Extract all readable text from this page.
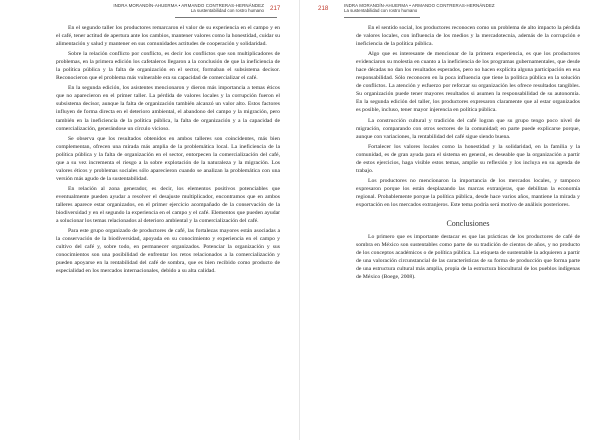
INDRA MORANDÍN-AHUERMA • ARMANDO CONTRERAS-HERNÁNDEZ
La sustentabilidad con rostro humano 217

En el segundo taller los productores remarcaron el valor de su experiencia en el campo y en el café, tener actitud de apertura ante los cambios, mantener valores como la honestidad, cuidar su alimentación y salud y mantener en sus comunidades actitudes de cooperación y solidaridad.

Sobre la relación conflicto por conflicto, es decir los conflictos que son multiplicadores de problemas, en la primera edición los cafetaleros llegaron a la conclusión de que la ineficiencia de la política pública y la falta de organización en el sector, formaban el subsistema decisor. Reconocieron que el problema más vulnerable era su capacidad de comercializar el café.

En la segunda edición, los asistentes mencionaron y dieron más importancia a temas éticos que no aparecieron en el primer taller. La pérdida de valores locales y la corrupción fueron el subsistema decisor, aunque la falta de organización también alcanzó un valor alto. Estos factores influyen de forma directa en el deterioro ambiental, el abandono del campo y la migración, pero también en la ineficiencia de la política pública, la falta de organización y a la capacidad de comercialización, generándose un círculo vicioso.

Se observa que los resultados obtenidos en ambos talleres son coincidentes, más bien complementan, ofrecen una mirada más amplia de la problemática local. La ineficiencia de la política pública y la falta de organización en el sector, entorpecen la comercialización del café, que a su vez incrementa el riesgo a la sobre explotación de la naturaleza y la migración. Los valores éticos y problemas sociales sólo aparecieron cuando se analizan la problemática con una versión más agudo de la sustentabilidad.

En relación al zona generador, es decir, los elementos positivos potenciables que eventualmente pueden ayudar a resolver el desajuste multiplicador, encontramos que en ambos talleres aparece estar organizados, en el primer ejercicio acompañado de la conservación de la biodiversidad y en el segundo la experiencia en el campo y el café. Elementos que pueden ayudar a solucionar los temas relacionados al deterioro ambiental y la comercialización del café.

Para este grupo organizado de productores de café, las fortalezas mayores están asociadas a la conservación de la biodiversidad, apoyada en su conocimiento y experiencia en el campo y cultivo del café y, sobre todo, en permanecer organizados. Potenciar la organización y sus conocimientos son una posibilidad de enfrentar los retos relacionados a la comercialización y pueden apoyarse en la rentabilidad del café de sombra, que es bien recibido como producto de especialidad en los mercados internacionales, debido a su alta calidad.

218	INDRA MORANDÍN-AHUERMA • ARMANDO CONTRERAS-HERNÁNDEZ
La sustentabilidad con rostro humano

En el sentido social, los productores reconocen como un problema de alto impacto la pérdida de valores locales, con influencia de los medios y la mercadotecnia, además de la corrupción e ineficiencia de la política pública.

Algo que es interesante de mencionar de la primera experiencia, es que los productores evidenciaron su molestia en cuanto a la ineficiencia de los programas gubernamentales, que desde hace décadas no dan los resultados esperados, pero no hacen explícita alguna participación en esa responsabilidad. Sólo reconocen en la poca influencia que tiene la política pública en la solución de conflictos. La atención y esfuerzo por reforzar su organización les ofrece resultados tangibles. Su organización puede tener mayores resultados si asumen la responsabilidad de su autonomía. En la segunda edición del taller, los productores expresaron claramente que al estar organizados es posible, incluso, tener mayor injerencia en política pública.

La construcción cultural y tradición del café logran que su grupo tengo poco nivel de migración, comparando con otros sectores de la comunidad; en parte puede explicarse porque, aunque con variaciones, la rentabilidad del café sigue siendo buena.

Fortalecer los valores locales como la honestidad y la solidaridad, en la familia y la comunidad, es de gran ayuda para el sistema en general, es deseable que la organización a partir de estos ejercicios, haga visible estos temas, amplíe su reflexión y los incluya en su agenda de trabajo.

Los productores no mencionaron la importancia de los mercados locales, y tampoco expresaron porque los están desplazando las marcas extranjeras, que debilitan la economía regional. Probablemente porque la política pública, desde hace varios años, mantiene la mirada y exportación en los mercados extranjeros. Este tema podría será motivo de análisis posteriores.

Conclusiones

Lo primero que es importante destacar es que las prácticas de los productores de café de sombra en México son sustentables como parte de su tradición de cientos de años, y no producto de los conceptos académicos o de política pública. La etiqueta de sustentable la adquieren a partir de una valoración circunstancial de las características de su forma de producción que forma parte de una estructura cultural más amplia, propia de la estructura biocultural de los pueblos indígenas de México (Boege, 2008).
